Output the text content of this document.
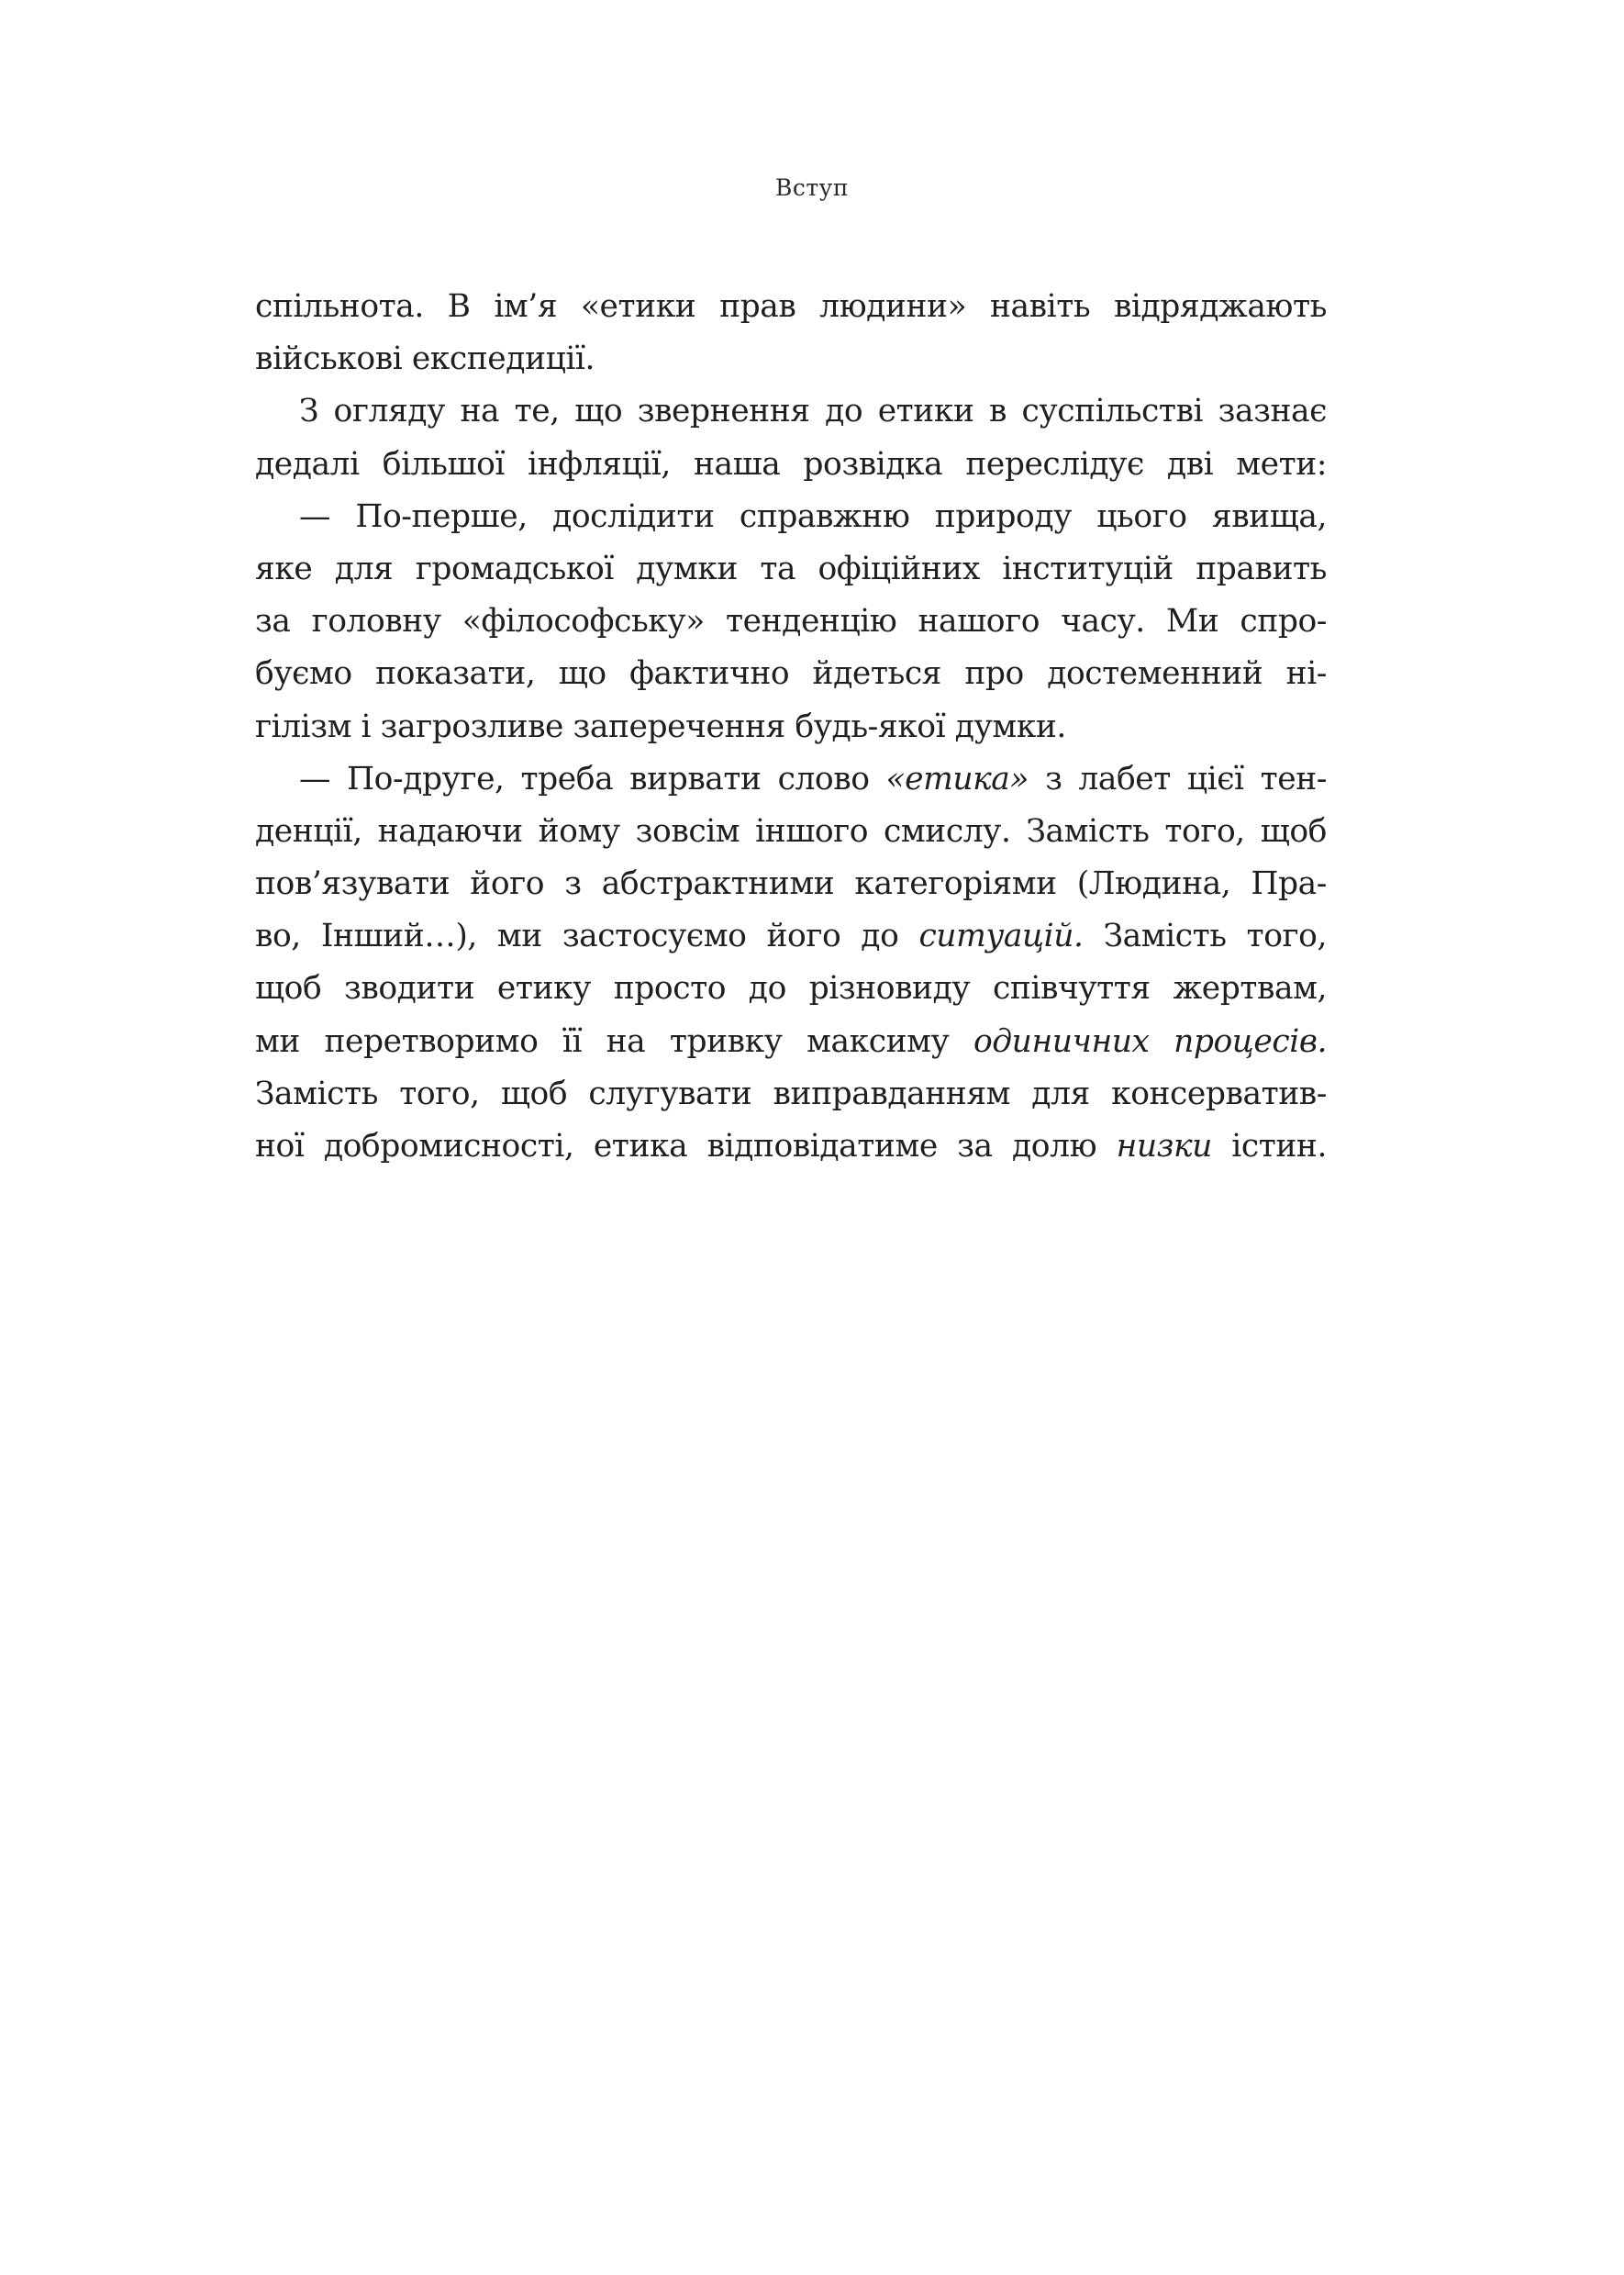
Вступ
спільнота. В ім’я «етики прав людини» навіть відряджають
військові експедиції.
З огляду на те, що звернення до етики в суспільстві зазнає
дедалі більшої інфляції, наша розвідка переслідує дві мети:
— По-перше, дослідити справжню природу цього явища,
яке для громадської думки та офіційних інституцій править
за головну «філософську» тенденцію нашого часу. Ми спро-
буємо показати, що фактично йдеться про достеменний ні-
гілізм і загрозливе заперечення будь-якої думки.
— По-друге, треба вирвати слово «етика» з лабет цієї тен-
денції, надаючи йому зовсім іншого смислу. Замість того, щоб
пов’язувати його з абстрактними категоріями (Людина, Пра-
во, Інший…), ми застосуємо його до ситуацій. Замість того,
щоб зводити етику просто до різновиду співчуття жертвам,
ми перетворимо її на тривку максиму одиничних процесів.
Замість того, щоб слугувати виправданням для консерватив-
ної добромисності, етика відповідатиме за долю низки істин.
